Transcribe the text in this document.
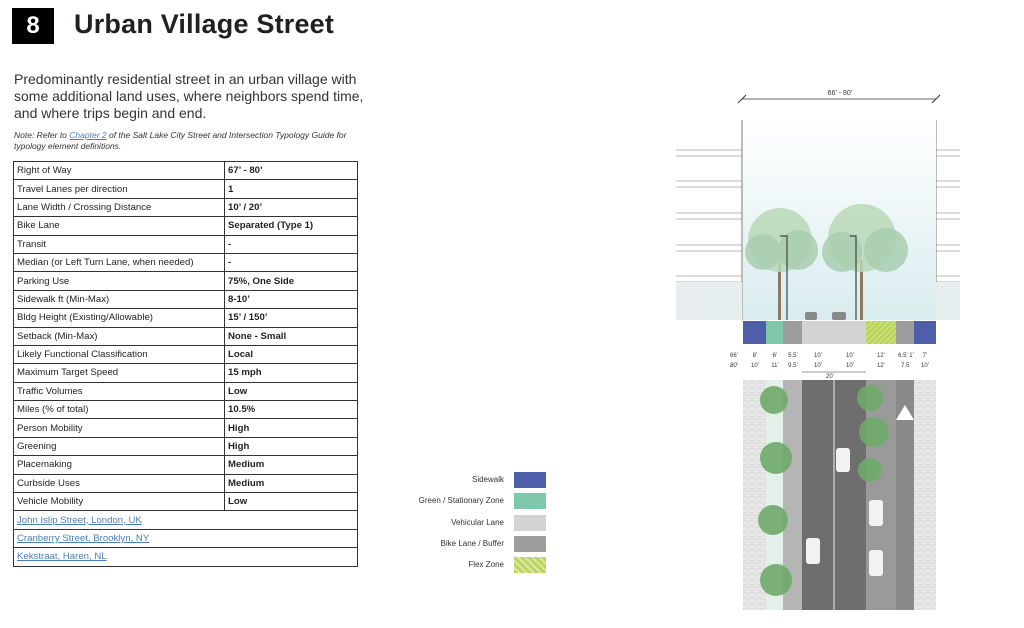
8	Urban Village Street
Predominantly residential street in an urban village with some additional land uses, where neighbors spend time, and where trips begin and end.
Note: Refer to Chapter 2 of the Salt Lake City Street and Intersection Typology Guide for typology element definitions.
Right of Way	67’ - 80’
Travel Lanes per direction	1
Lane Width / Crossing Distance	10’ / 20’
Bike Lane	Separated (Type 1)
Transit	-
Median (or Left Turn Lane, when needed)	-
Parking Use	75%, One Side
Sidewalk ft (Min-Max)	8-10’
Bldg Height (Existing/Allowable)	15’ / 150’
Setback (Min-Max)	None - Small
Likely Functional Classification	Local
Maximum Target Speed	15 mph
Traffic Volumes	Low
Miles (% of total)	10.5%
Person Mobility	High
Greening	High
Placemaking	Medium
Curbside Uses	Medium
Vehicle Mobility	Low
John Islip Street, London, UK	
Cranberry Street, Brooklyn, NY	
Kekstraat, Haren, NL	
Sidewalk
Green / Stationary Zone
Vehicular Lane
Bike Lane / Buffer
Flex Zone
66’ - 80’
66’
80’
8’	6’ 5.5’	10’	10’	12’ 6.5’ 1’ 7’
10’ 11’ 9.5’	10’	10’	12’	7.5’ 10’
20’
